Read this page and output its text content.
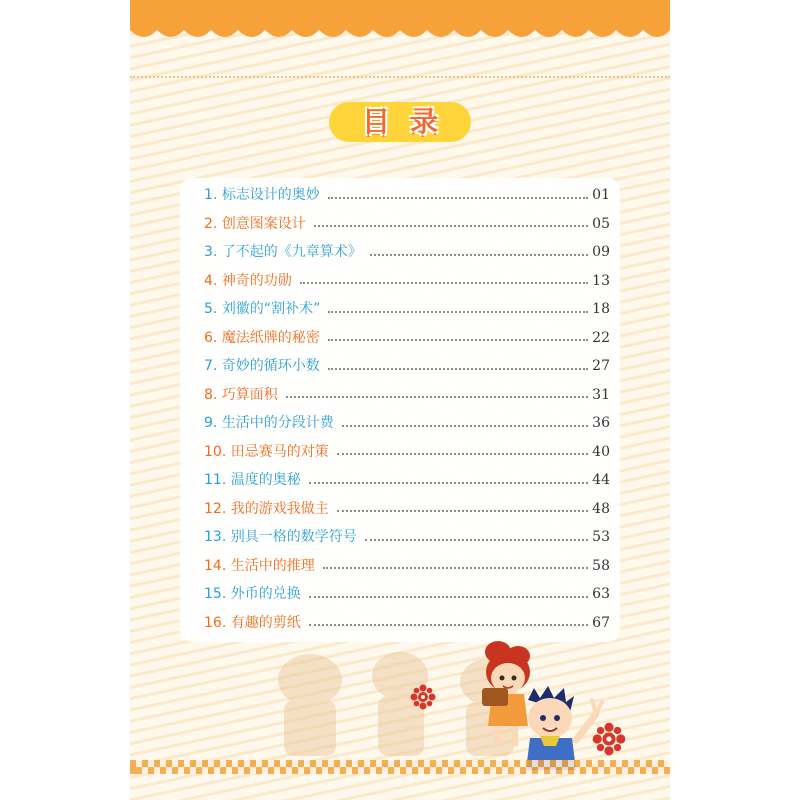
目 录
1. 标志设计的奥妙	01
2. 创意图案设计	05
3. 了不起的《九章算术》	09
4. 神奇的功勋	13
5. 刘徽的“割补术”	18
6. 魔法纸牌的秘密	22
7. 奇妙的循环小数	27
8. 巧算面积	31
9. 生活中的分段计费	36
10. 田忌赛马的对策	40
11. 温度的奥秘	44
12. 我的游戏我做主	48
13. 别具一格的数学符号	53
14. 生活中的推理	58
15. 外币的兑换	63
16. 有趣的剪纸	67
